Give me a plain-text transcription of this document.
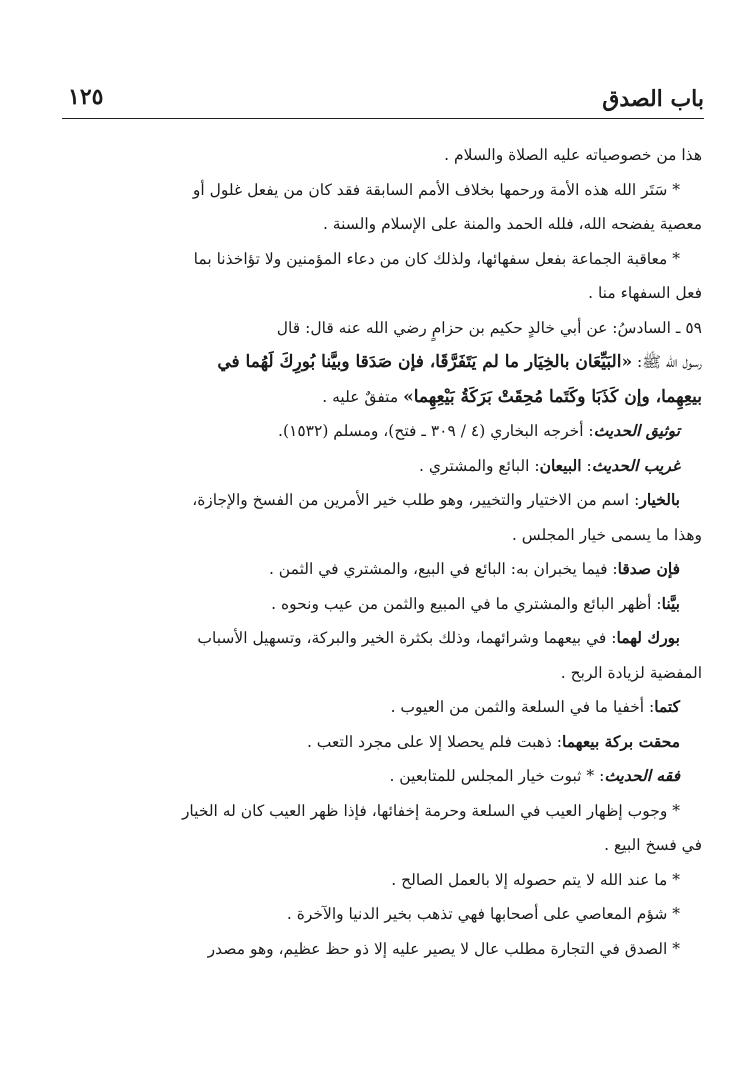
باب الصدق
١٢٥

هذا من خصوصياته عليه الصلاة والسلام .

* سَتَر الله هذه الأمة ورحمها بخلاف الأمم السابقة فقد كان من يفعل غلول أو

معصية يفضحه الله، فلله الحمد والمنة على الإسلام والسنة .

* معاقبة الجماعة بفعل سفهائها، ولذلك كان من دعاء المؤمنين ولا تؤاخذنا بما

فعل السفهاء منا .

٥٩ ـ السادسُ: عن أبي خالدٍ حكيم بن حزامٍ رضي الله عنه قال: قال

رسول الله ﷺ: «البَيِّعَان بالخِيَار ما لم يَتَفَرَّقَا، فإن صَدَقا وبيَّنا بُورِكَ لَهُما في

بيعِهِما، وإن كَذَبَا وكَتَما مُحِقَتْ بَرَكَةُ بَيْعِهِما» متفقٌ عليه .

توثيق الحديث: أخرجه البخاري (٤ / ٣٠٩ ـ فتح)، ومسلم (١٥٣٢).

غريب الحديث: البيعان: البائع والمشتري .

بالخيار: اسم من الاختيار والتخيير، وهو طلب خير الأمرين من الفسخ والإجازة،

وهذا ما يسمى خيار المجلس .

فإن صدقا: فيما يخبران به: البائع في البيع، والمشتري في الثمن .

بيَّنا: أظهر البائع والمشتري ما في المبيع والثمن من عيب ونحوه .

بورك لهما: في بيعهما وشرائهما، وذلك بكثرة الخير والبركة، وتسهيل الأسباب

المفضية لزيادة الربح .

كتما: أخفيا ما في السلعة والثمن من العيوب .

محقت بركة بيعهما: ذهبت فلم يحصلا إلا على مجرد التعب .

فقه الحديث: * ثبوت خيار المجلس للمتابعين .

* وجوب إظهار العيب في السلعة وحرمة إخفائها، فإذا ظهر العيب كان له الخيار

في فسخ البيع .

* ما عند الله لا يتم حصوله إلا بالعمل الصالح .

* شؤم المعاصي على أصحابها فهي تذهب بخير الدنيا والآخرة .

* الصدق في التجارة مطلب عال لا يصير عليه إلا ذو حظ عظيم، وهو مصدر
